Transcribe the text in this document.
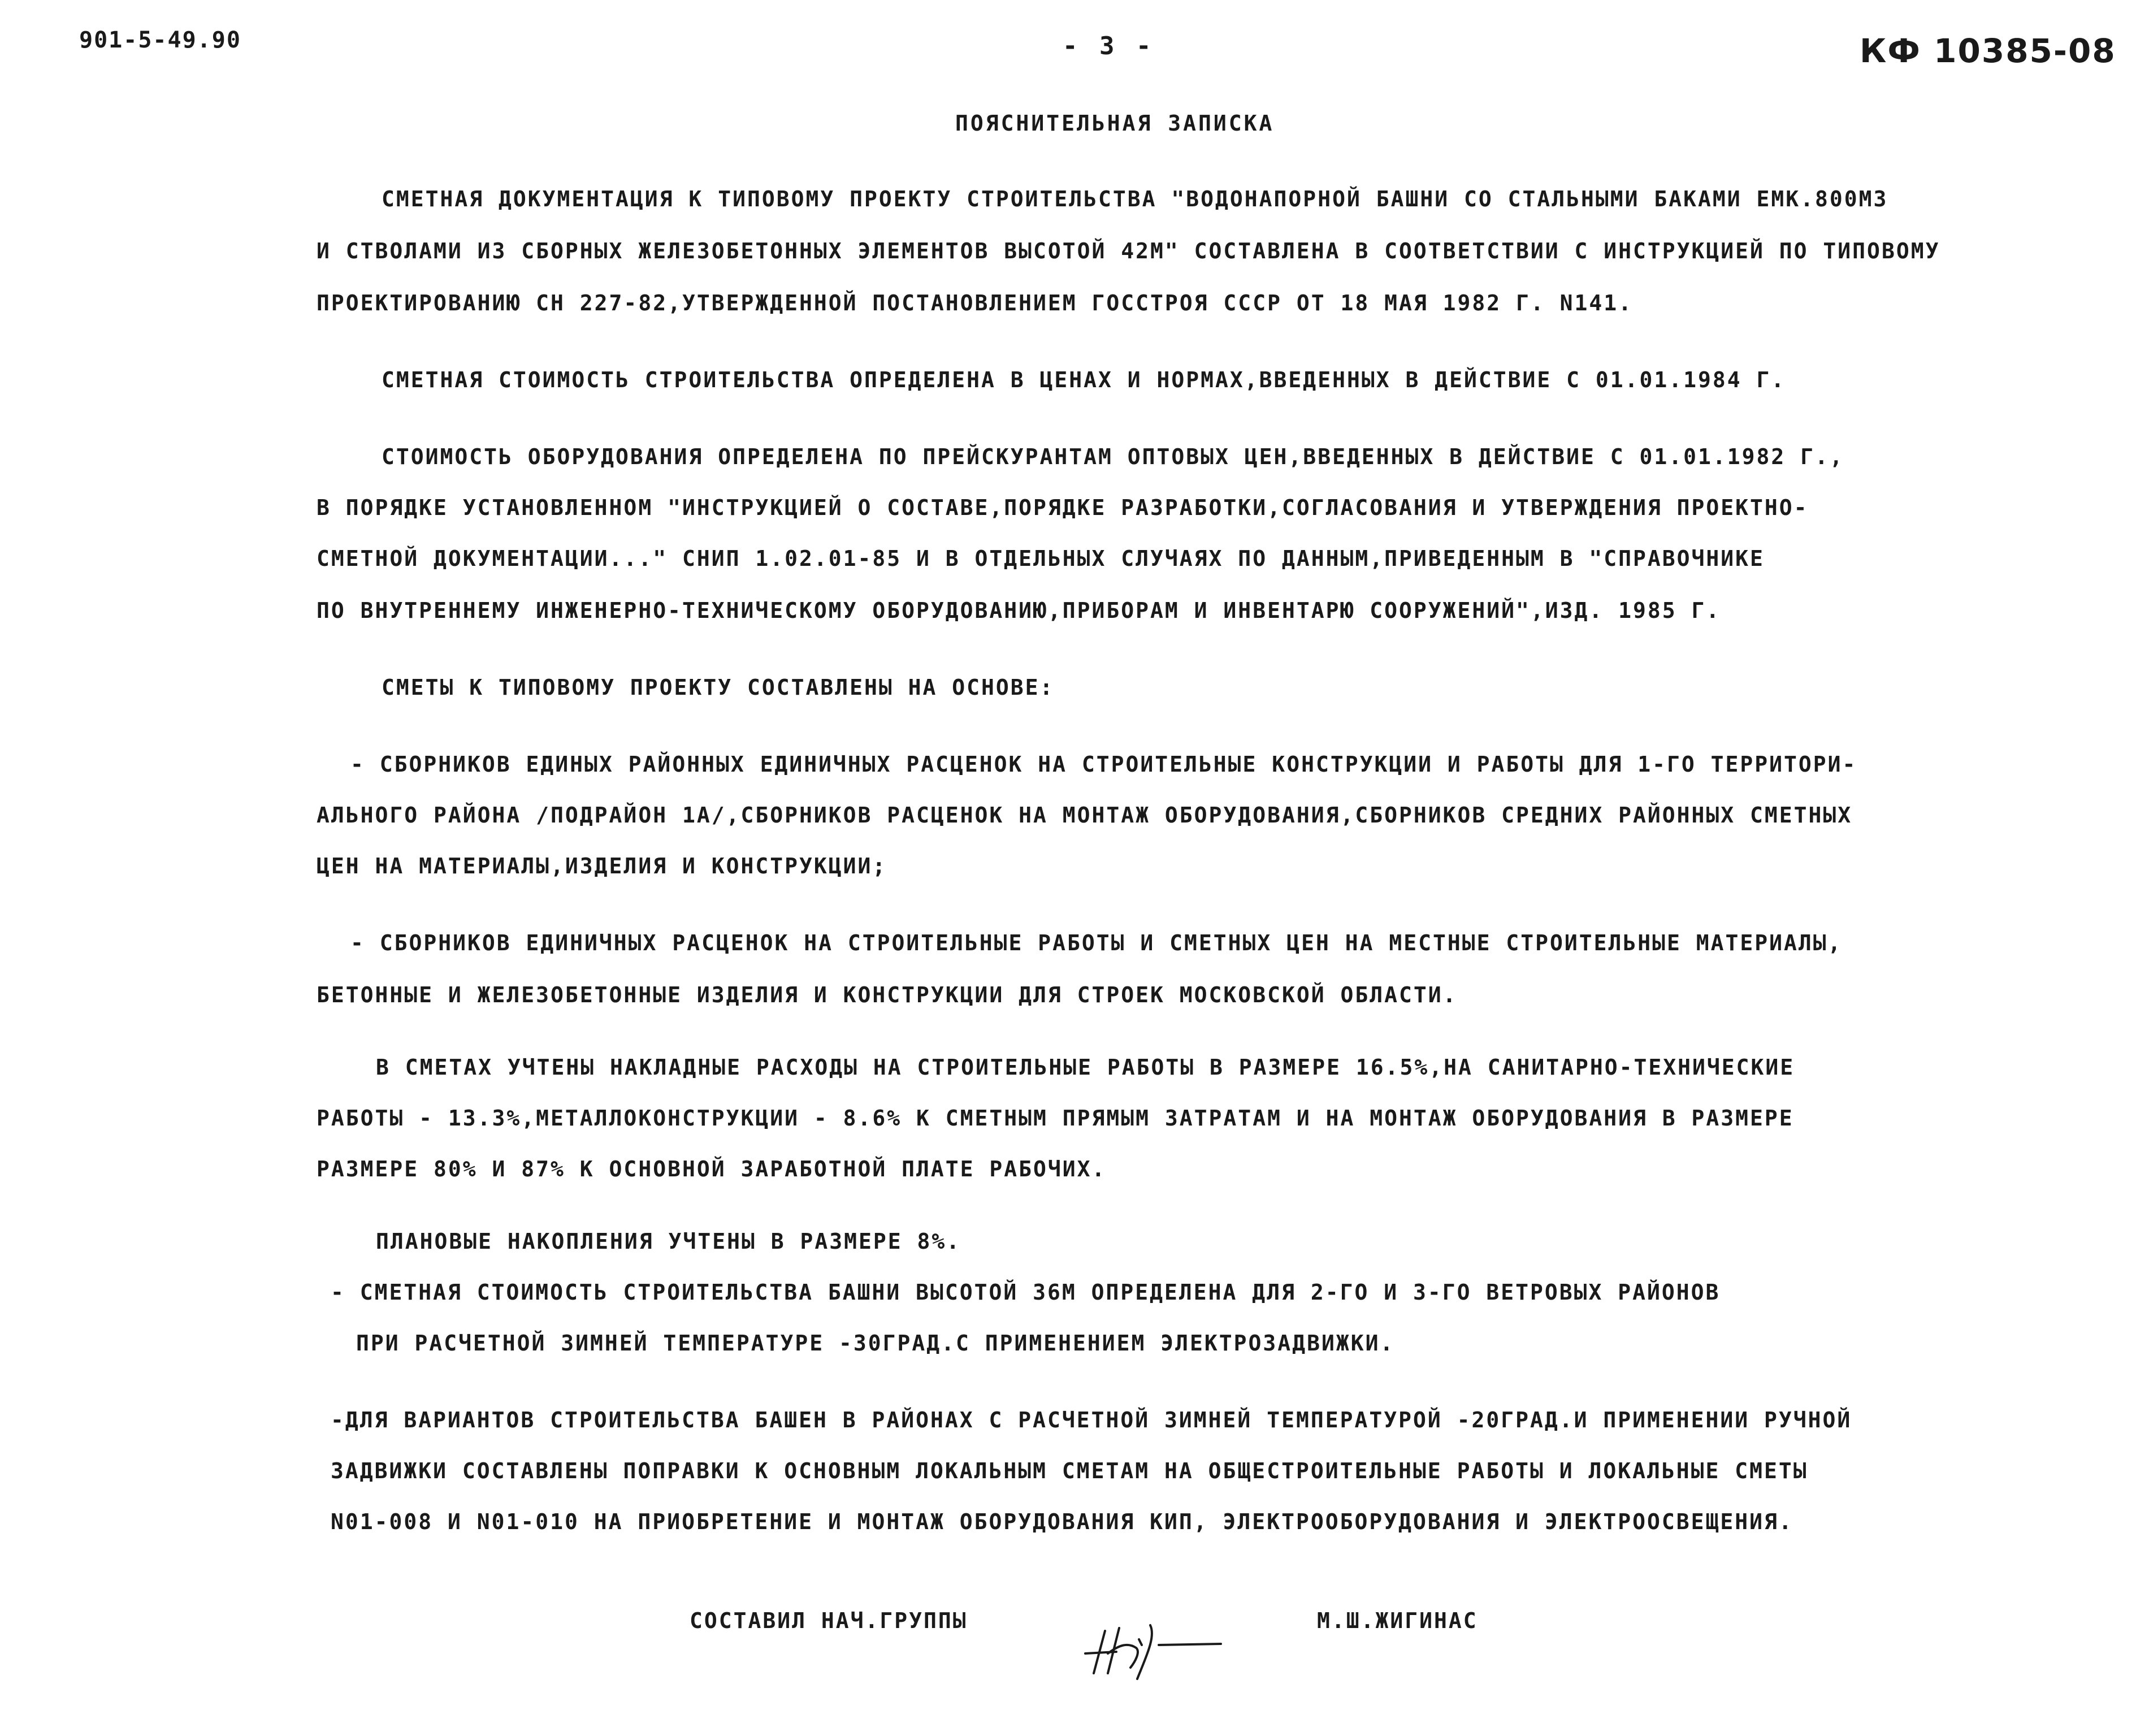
901-5-49.90	- 3 -	КФ 10385-08
ПОЯСНИТЕЛЬНАЯ ЗАПИСКА
СМЕТНАЯ ДОКУМЕНТАЦИЯ К ТИПОВОМУ ПРОЕКТУ СТРОИТЕЛЬСТВА "ВОДОНАПОРНОЙ БАШНИ СО СТАЛЬНЫМИ БАКАМИ ЕМК.800М3
И СТВОЛАМИ ИЗ СБОРНЫХ ЖЕЛЕЗОБЕТОННЫХ ЭЛЕМЕНТОВ ВЫСОТОЙ 42М" СОСТАВЛЕНА В СООТВЕТСТВИИ С ИНСТРУКЦИЕЙ ПО ТИПОВОМУ
ПРОЕКТИРОВАНИЮ СН 227-82,УТВЕРЖДЕННОЙ ПОСТАНОВЛЕНИЕМ ГОССТРОЯ СССР ОТ 18 МАЯ 1982 Г. N141.
СМЕТНАЯ СТОИМОСТЬ СТРОИТЕЛЬСТВА ОПРЕДЕЛЕНА В ЦЕНАХ И НОРМАХ,ВВЕДЕННЫХ В ДЕЙСТВИЕ С 01.01.1984 Г.
СТОИМОСТЬ ОБОРУДОВАНИЯ ОПРЕДЕЛЕНА ПО ПРЕЙСКУРАНТАМ ОПТОВЫХ ЦЕН,ВВЕДЕННЫХ В ДЕЙСТВИЕ С 01.01.1982 Г.,
В ПОРЯДКЕ УСТАНОВЛЕННОМ "ИНСТРУКЦИЕЙ О СОСТАВЕ,ПОРЯДКЕ РАЗРАБОТКИ,СОГЛАСОВАНИЯ И УТВЕРЖДЕНИЯ ПРОЕКТНО-
СМЕТНОЙ ДОКУМЕНТАЦИИ..." СНИП 1.02.01-85 И В ОТДЕЛЬНЫХ СЛУЧАЯХ ПО ДАННЫМ,ПРИВЕДЕННЫМ В "СПРАВОЧНИКЕ
ПО ВНУТРЕННЕМУ ИНЖЕНЕРНО-ТЕХНИЧЕСКОМУ ОБОРУДОВАНИЮ,ПРИБОРАМ И ИНВЕНТАРЮ СООРУЖЕНИЙ",ИЗД. 1985 Г.
СМЕТЫ К ТИПОВОМУ ПРОЕКТУ СОСТАВЛЕНЫ НА ОСНОВЕ:
- СБОРНИКОВ ЕДИНЫХ РАЙОННЫХ ЕДИНИЧНЫХ РАСЦЕНОК НА СТРОИТЕЛЬНЫЕ КОНСТРУКЦИИ И РАБОТЫ ДЛЯ 1-ГО ТЕРРИТОРИ-
АЛЬНОГО РАЙОНА /ПОДРАЙОН 1А/,СБОРНИКОВ РАСЦЕНОК НА МОНТАЖ ОБОРУДОВАНИЯ,СБОРНИКОВ СРЕДНИХ РАЙОННЫХ СМЕТНЫХ
ЦЕН НА МАТЕРИАЛЫ,ИЗДЕЛИЯ И КОНСТРУКЦИИ;
- СБОРНИКОВ ЕДИНИЧНЫХ РАСЦЕНОК НА СТРОИТЕЛЬНЫЕ РАБОТЫ И СМЕТНЫХ ЦЕН НА МЕСТНЫЕ СТРОИТЕЛЬНЫЕ МАТЕРИАЛЫ,
БЕТОННЫЕ И ЖЕЛЕЗОБЕТОННЫЕ ИЗДЕЛИЯ И КОНСТРУКЦИИ ДЛЯ СТРОЕК МОСКОВСКОЙ ОБЛАСТИ.
В СМЕТАХ УЧТЕНЫ НАКЛАДНЫЕ РАСХОДЫ НА СТРОИТЕЛЬНЫЕ РАБОТЫ В РАЗМЕРЕ 16.5%,НА САНИТАРНО-ТЕХНИЧЕСКИЕ
РАБОТЫ - 13.3%,МЕТАЛЛОКОНСТРУКЦИИ - 8.6% К СМЕТНЫМ ПРЯМЫМ ЗАТРАТАМ И НА МОНТАЖ ОБОРУДОВАНИЯ В РАЗМЕРЕ
РАЗМЕРЕ 80% И 87% К ОСНОВНОЙ ЗАРАБОТНОЙ ПЛАТЕ РАБОЧИХ.
ПЛАНОВЫЕ НАКОПЛЕНИЯ УЧТЕНЫ В РАЗМЕРЕ 8%.
- СМЕТНАЯ СТОИМОСТЬ СТРОИТЕЛЬСТВА БАШНИ ВЫСОТОЙ 36М ОПРЕДЕЛЕНА ДЛЯ 2-ГО И 3-ГО ВЕТРОВЫХ РАЙОНОВ
ПРИ РАСЧЕТНОЙ ЗИМНЕЙ ТЕМПЕРАТУРЕ -30ГРАД.С ПРИМЕНЕНИЕМ ЭЛЕКТРОЗАДВИЖКИ.
-ДЛЯ ВАРИАНТОВ СТРОИТЕЛЬСТВА БАШЕН В РАЙОНАХ С РАСЧЕТНОЙ ЗИМНЕЙ ТЕМПЕРАТУРОЙ -20ГРАД.И ПРИМЕНЕНИИ РУЧНОЙ
ЗАДВИЖКИ СОСТАВЛЕНЫ ПОПРАВКИ К ОСНОВНЫМ ЛОКАЛЬНЫМ СМЕТАМ НА ОБЩЕСТРОИТЕЛЬНЫЕ РАБОТЫ И ЛОКАЛЬНЫЕ СМЕТЫ
N01-008 И N01-010 НА ПРИОБРЕТЕНИЕ И МОНТАЖ ОБОРУДОВАНИЯ КИП, ЭЛЕКТРООБОРУДОВАНИЯ И ЭЛЕКТРООСВЕЩЕНИЯ.
СОСТАВИЛ НАЧ.ГРУППЫ	М.Ш.ЖИГИНАС
